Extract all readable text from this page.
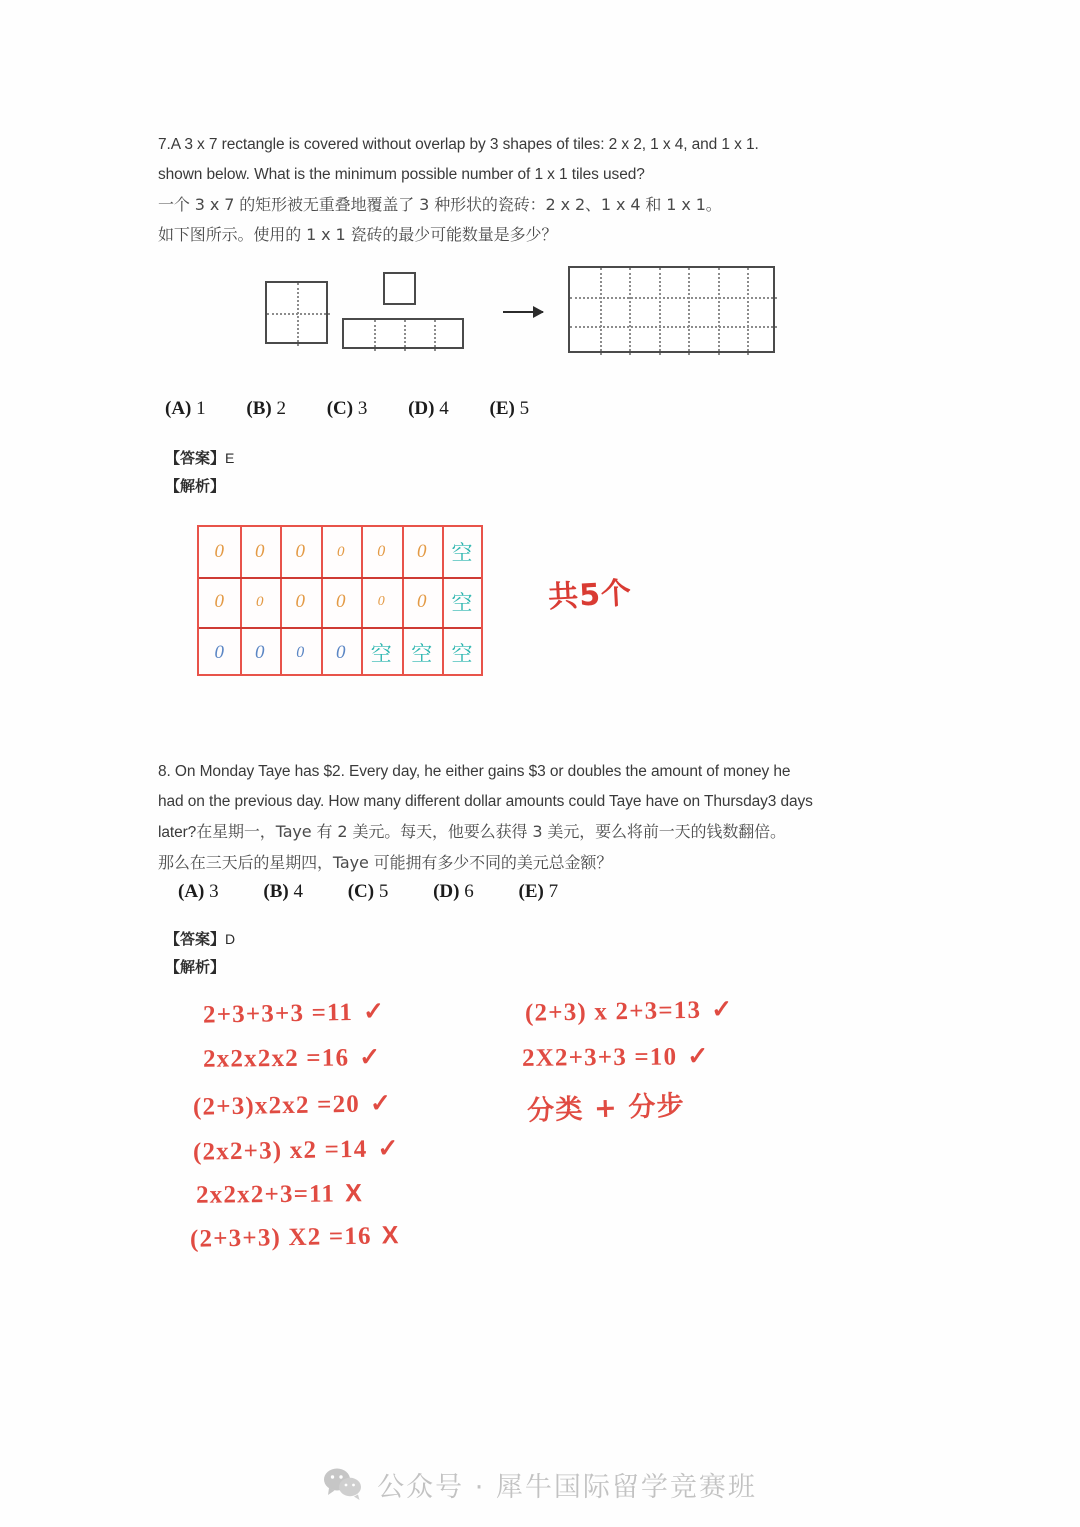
7.A 3 x 7 rectangle is covered without overlap by 3 shapes of tiles: 2 x 2, 1 x 4, and 1 x 1.
shown below. What is the minimum possible number of 1 x 1 tiles used?
一个 3 x 7 的矩形被无重叠地覆盖了 3 种形状的瓷砖：2 x 2、1 x 4 和 1 x 1。
如下图所示。使用的 1 x 1 瓷砖的最少可能数量是多少？
(A) 1 (B) 2 (C) 3 (D) 4 (E) 5
【答案】E
【解析】
0 0 0 0 0 0 空
0 0 0 0 0 0 空
0 0 0 0 空 空 空
共5个
8. On Monday Taye has $2. Every day, he either gains $3 or doubles the amount of money he
had on the previous day. How many different dollar amounts could Taye have on Thursday3 days
later?在星期一，Taye 有 2 美元。每天，他要么获得 3 美元，要么将前一天的钱数翻倍。
那么在三天后的星期四，Taye 可能拥有多少不同的美元总金额？
(A) 3 (B) 4 (C) 5 (D) 6 (E) 7
【答案】D
【解析】
2+3+3+3 =11 ✓
2x2x2x2 =16 ✓
(2+3)x2x2 =20 ✓
(2x2+3) x2 =14 ✓
2x2x2+3=11 X
(2+3+3) X2 =16 X
(2+3) x 2+3=13 ✓
2X2+3+3 =10 ✓
分类 + 分步
公众号 · 犀牛国际留学竞赛班
